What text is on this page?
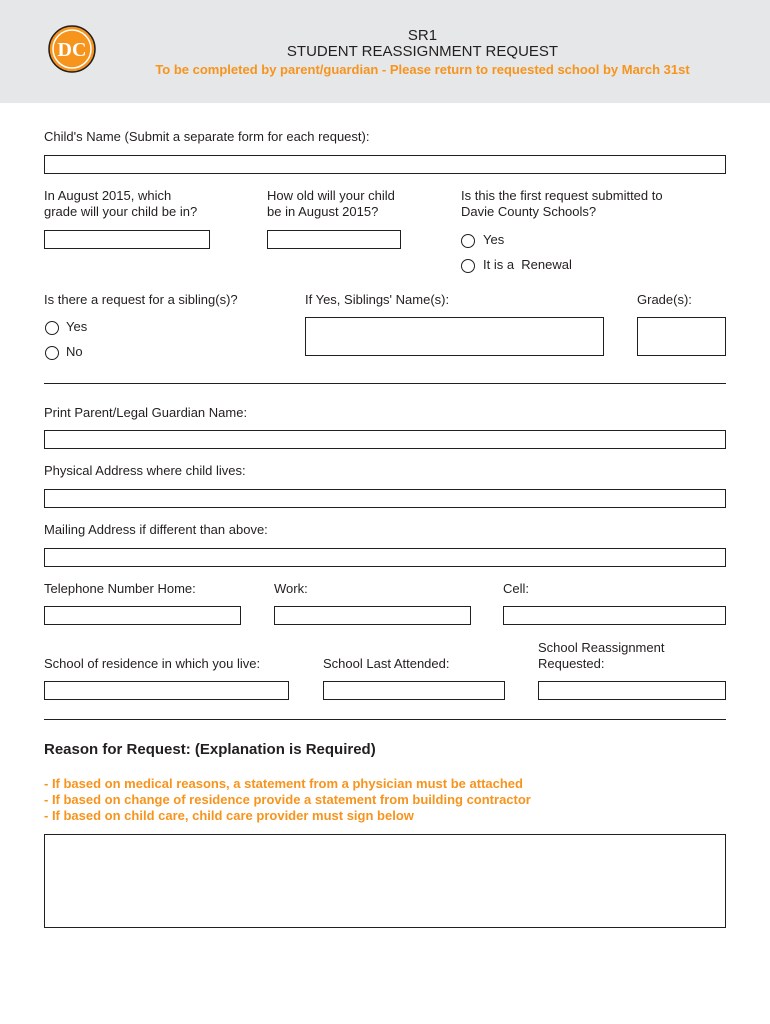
DC
SR1
STUDENT REASSIGNMENT REQUEST
To be completed by parent/guardian - Please return to requested school by March 31st
Child's Name (Submit a separate form for each request):
In August 2015, which
grade will your child be in?
How old will your child
be in August 2015?
Is this the first request submitted to
Davie County Schools?
Yes
It is a  Renewal
Is there a request for a sibling(s)?
Yes
No
If Yes, Siblings' Name(s):	Grade(s):
Print Parent/Legal Guardian Name:
Physical Address where child lives:
Mailing Address if different than above:
Telephone Number Home:	Work:	Cell:
School of residence in which you live:	School Last Attended:
School Reassignment
Requested:
Reason for Request: (Explanation is Required)
- If based on medical reasons, a statement from a physician must be attached
- If based on change of residence provide a statement from building contractor
- If based on child care, child care provider must sign below
